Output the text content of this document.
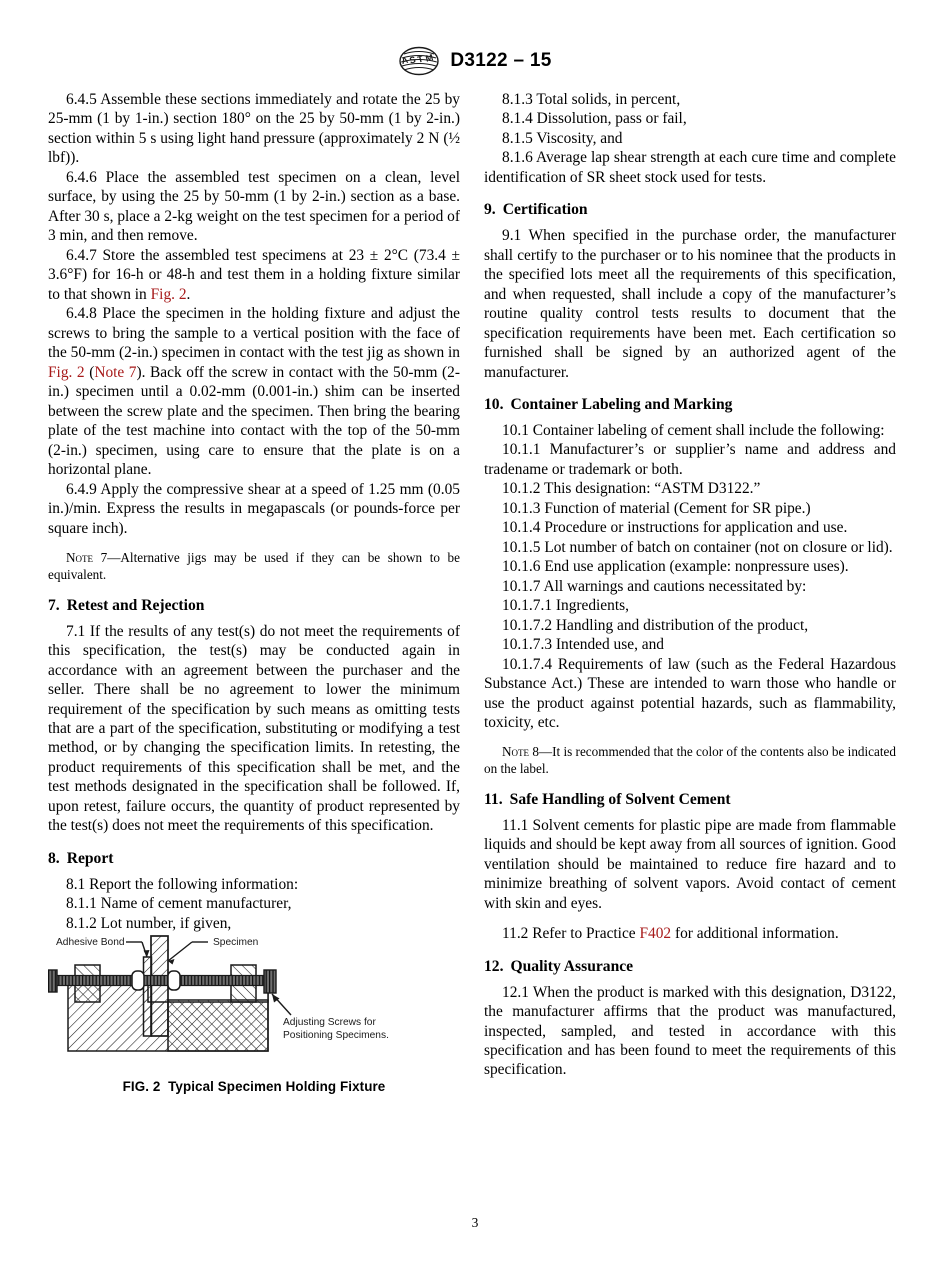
A S T M D3122 – 15

6.4.5 Assemble these sections immediately and rotate the 25 by 25-mm (1 by 1-in.) section 180° on the 25 by 50-mm (1 by 2-in.) section within 5 s using light hand pressure (approximately 2 N (½ lbf)).

6.4.6 Place the assembled test specimen on a clean, level surface, by using the 25 by 50-mm (1 by 2-in.) section as a base. After 30 s, place a 2-kg weight on the test specimen for a period of 3 min, and then remove.

6.4.7 Store the assembled test specimens at 23 ± 2°C (73.4 ± 3.6°F) for 16-h or 48-h and test them in a holding fixture similar to that shown in Fig. 2.

6.4.8 Place the specimen in the holding fixture and adjust the screws to bring the sample to a vertical position with the face of the 50-mm (2-in.) specimen in contact with the test jig as shown in Fig. 2 (Note 7). Back off the screw in contact with the 50-mm (2-in.) specimen until a 0.02-mm (0.001-in.) shim can be inserted between the screw plate and the specimen. Then bring the bearing plate of the test machine into contact with the top of the 50-mm (2-in.) specimen, using care to ensure that the plate is on a horizontal plane.

6.4.9 Apply the compressive shear at a speed of 1.25 mm (0.05 in.)/min. Express the results in megapascals (or pounds-force per square inch).

Note 7—Alternative jigs may be used if they can be shown to be equivalent.

7. Retest and Rejection

7.1 If the results of any test(s) do not meet the requirements of this specification, the test(s) may be conducted again in accordance with an agreement between the purchaser and the seller. There shall be no agreement to lower the minimum requirement of the specification by such means as omitting tests that are a part of the specification, substituting or modifying a test method, or by changing the specification limits. In retesting, the product requirements of this specification shall be met, and the test methods designated in the specification shall be followed. If, upon retest, failure occurs, the quantity of product represented by the test(s) does not meet the requirements of this specification.

8. Report

8.1 Report the following information:

8.1.1 Name of cement manufacturer,

8.1.2 Lot number, if given,

8.1.3 Total solids, in percent,

8.1.4 Dissolution, pass or fail,

8.1.5 Viscosity, and

8.1.6 Average lap shear strength at each cure time and complete identification of SR sheet stock used for tests.

9. Certification

9.1 When specified in the purchase order, the manufacturer shall certify to the purchaser or to his nominee that the products in the specified lots meet all the requirements of this specification, and when requested, shall include a copy of the manufacturer’s routine quality control tests results to document that the specification requirements have been met. Each certification so furnished shall be signed by an authorized agent of the manufacturer.

10. Container Labeling and Marking

10.1 Container labeling of cement shall include the following:

10.1.1 Manufacturer’s or supplier’s name and address and tradename or trademark or both.

10.1.2 This designation: “ASTM D3122.”

10.1.3 Function of material (Cement for SR pipe.)

10.1.4 Procedure or instructions for application and use.

10.1.5 Lot number of batch on container (not on closure or lid).

10.1.6 End use application (example: nonpressure uses).

10.1.7 All warnings and cautions necessitated by:

10.1.7.1 Ingredients,

10.1.7.2 Handling and distribution of the product,

10.1.7.3 Intended use, and

10.1.7.4 Requirements of law (such as the Federal Hazardous Substance Act.) These are intended to warn those who handle or use the product against potential hazards, such as flammability, toxicity, etc.

Note 8—It is recommended that the color of the contents also be indicated on the label.

11. Safe Handling of Solvent Cement

11.1 Solvent cements for plastic pipe are made from flammable liquids and should be kept away from all sources of ignition. Good ventilation should be maintained to reduce fire hazard and to minimize breathing of solvent vapors. Avoid contact of cement with skin and eyes.

11.2 Refer to Practice F402 for additional information.

12. Quality Assurance

12.1 When the product is marked with this designation, D3122, the manufacturer affirms that the product was manufactured, inspected, sampled, and tested in accordance with this specification and has been found to meet the requirements of this specification.

Adhesive Bond	Specimen
Adjusting Screws for
Positioning Specimens.
FIG. 2 Typical Specimen Holding Fixture
3
